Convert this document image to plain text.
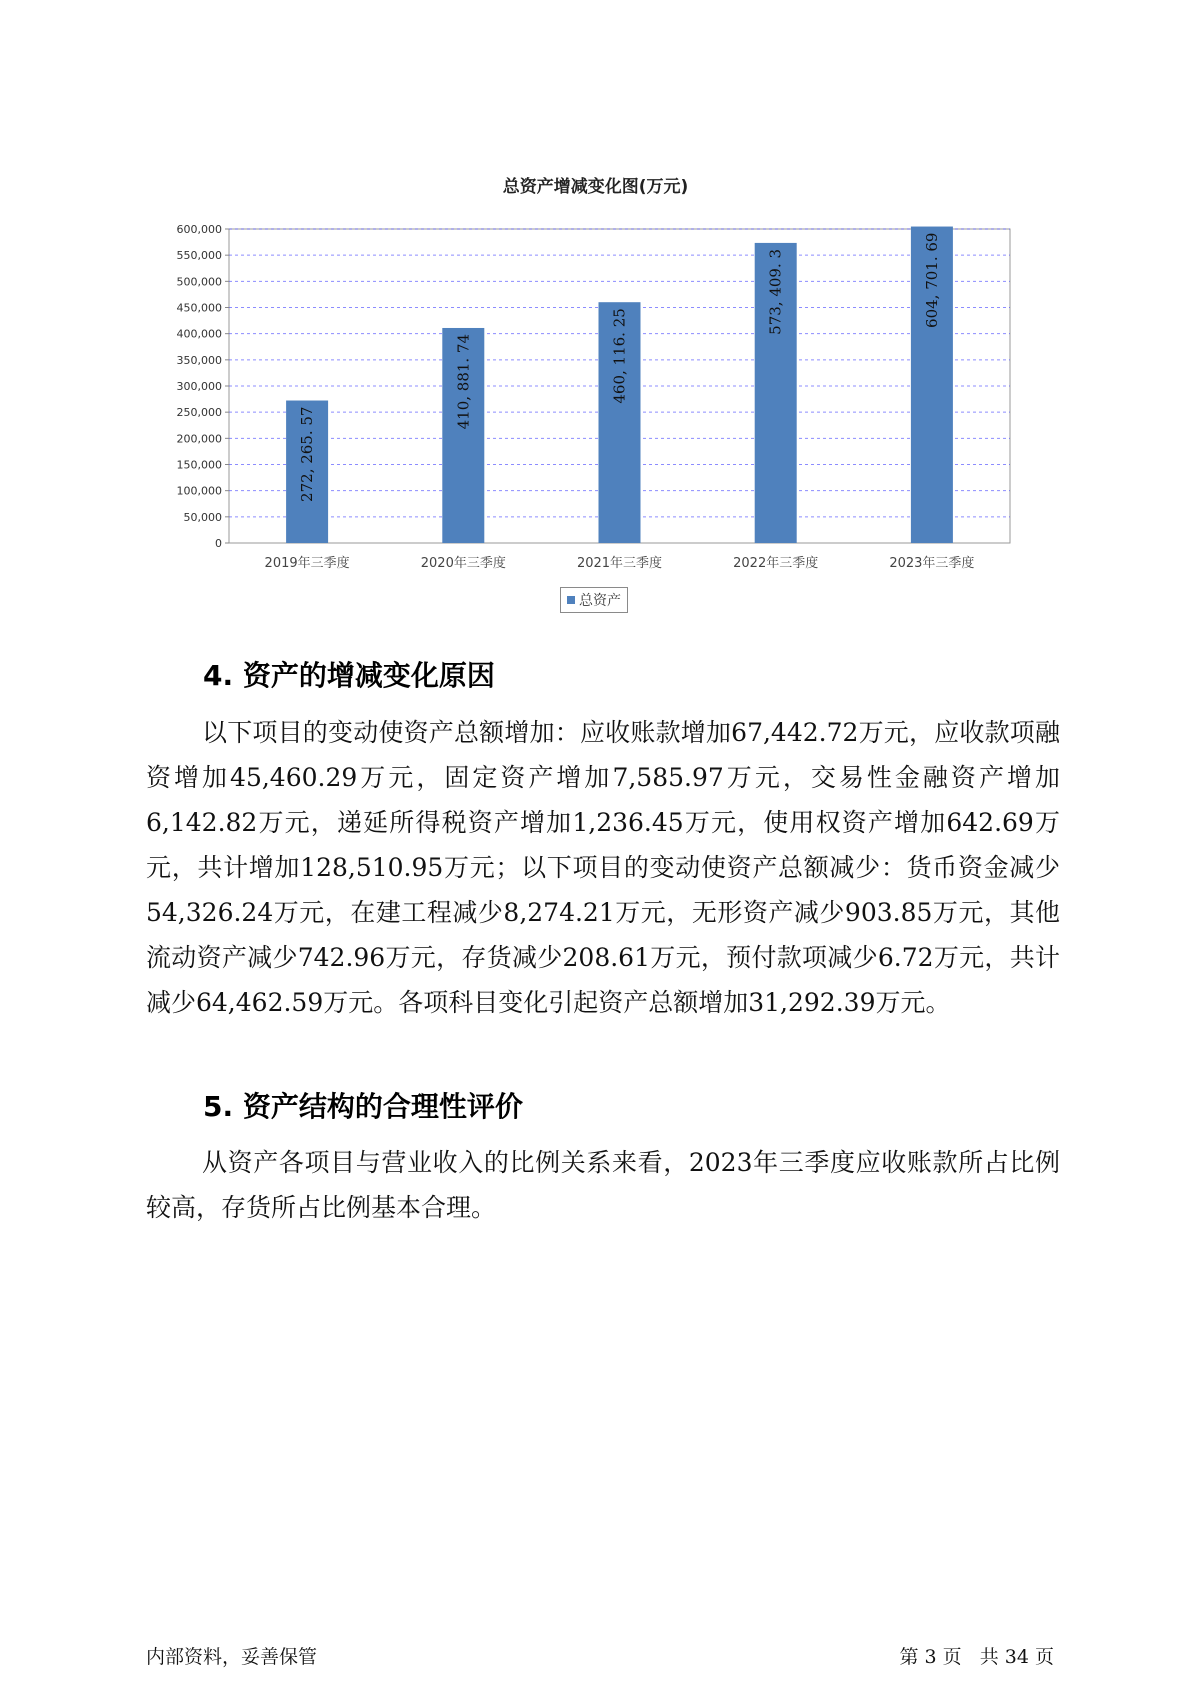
总资产增减变化图(万元)
0
50,000
100,000
150,000
200,000
250,000
300,000
350,000
400,000
450,000
500,000
550,000
600,000
272, 265. 57
2019年三季度
410, 881. 74
2020年三季度
460, 116. 25
2021年三季度
573, 409. 3
2022年三季度
604, 701. 69
2023年三季度
总资产
4. 资产的增减变化原因

以下项目的变动使资产总额增加：应收账款增加67,442.72万元，应收款项融资增加45,460.29万元，固定资产增加7,585.97万元，交易性金融资产增加6,142.82万元，递延所得税资产增加1,236.45万元，使用权资产增加642.69万元，共计增加128,510.95万元；以下项目的变动使资产总额减少：货币资金减少54,326.24万元，在建工程减少8,274.21万元，无形资产减少903.85万元，其他流动资产减少742.96万元，存货减少208.61万元，预付款项减少6.72万元，共计减少64,462.59万元。各项科目变化引起资产总额增加31,292.39万元。

5. 资产结构的合理性评价

从资产各项目与营业收入的比例关系来看，2023年三季度应收账款所占比例较高，存货所占比例基本合理。

内部资料，妥善保管	第 3 页   共 34 页
